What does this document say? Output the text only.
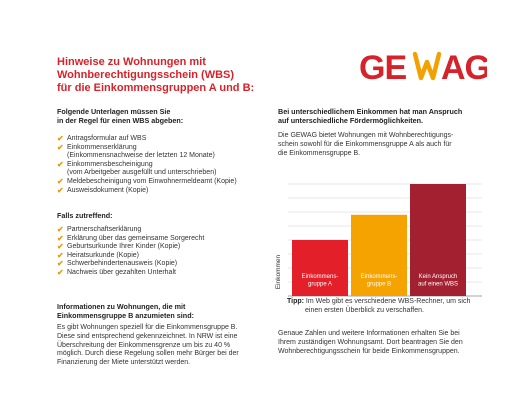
Hinweise zu Wohnungen mit
Wohnberechtigungsschein (WBS)
für die Einkommensgruppen A und B:
GE AG
Folgende Unterlagen müssen Sie
in der Regel für einen WBS abgeben:
✔ Antragsformular auf WBS
✔ Einkommenserklärung
(Einkommensnachweise der letzten 12 Monate)
✔ Einkommensbescheinigung
(vom Arbeitgeber ausgefüllt und unterschrieben)
✔ Meldebescheinigung vom Einwohnermeldeamt (Kopie)
✔ Ausweisdokument (Kopie)
Falls zutreffend:
✔ Partnerschaftserklärung
✔ Erklärung über das gemeinsame Sorgerecht
✔ Geburtsurkunde Ihrer Kinder (Kopie)
✔ Heiratsurkunde (Kopie)
✔ Schwerbehindertenausweis (Kopie)
✔ Nachweis über gezahlten Unterhalt
Informationen zu Wohnungen, die mit
Einkommensgruppe B anzumieten sind:
Es gibt Wohnungen speziell für die Einkommensgruppe B.
Diese sind entsprechend gekennzeichnet. In NRW ist eine
Überschreitung der Einkommensgrenze um bis zu 40 %
möglich. Durch diese Regelung sollen mehr Bürger bei der
Finanzierung der Miete unterstützt werden.
Bei unterschiedlichem Einkommen hat man Anspruch
auf unterschiedliche Fördermöglichkeiten.
Die GEWAG bietet Wohnungen mit Wohnberechtigungs-
schein sowohl für die Einkommensgruppe A als auch für
die Einkommensgruppe B.
Einkommens-
gruppe A
Einkommens-
gruppe B
Kein Anspruch
auf einen WBS
Einkommen
Tipp: Im Web gibt es verschiedene WBS-Rechner, um sich
einen ersten Überblick zu verschaffen.
Genaue Zahlen und weitere Informationen erhalten Sie bei
Ihrem zuständigen Wohnungsamt. Dort beantragen Sie den
Wohnberechtigungsschein für beide Einkommensgruppen.
